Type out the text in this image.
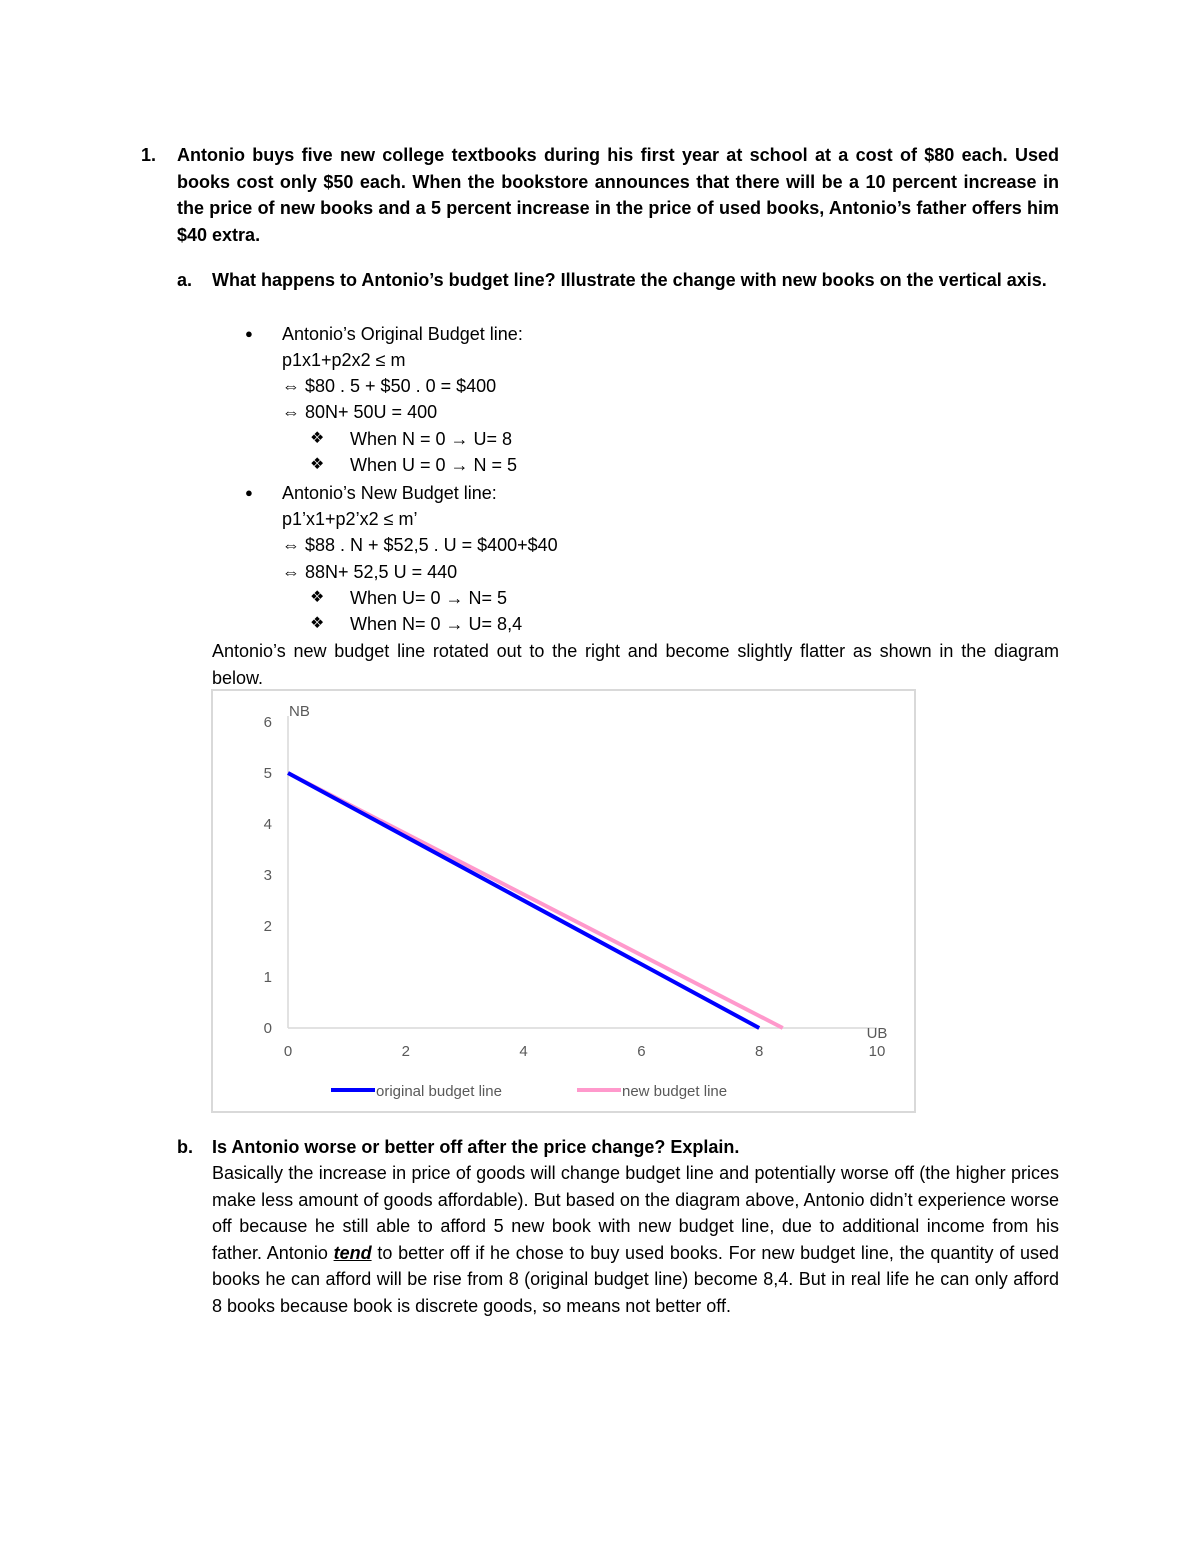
1. Antonio buys five new college textbooks during his first year at school at a cost of $80 each. Used books cost only $50 each. When the bookstore announces that there will be a 10 percent increase in the price of new books and a 5 percent increase in the price of used books, Antonio’s father offers him $40 extra.

a. What happens to Antonio’s budget line? Illustrate the change with new books on the vertical axis.

● Antonio’s Original Budget line:
p1x1+p2x2 ≤ m
⇔ $80 . 5 + $50 . 0 = $400
⇔ 80N+ 50U = 400
❖ When N = 0 → U= 8
❖ When U = 0 → N = 5
● Antonio’s New Budget line:
p1’x1+p2’x2 ≤ m’
⇔ $88 . N + $52,5 . U = $400+$40
⇔ 88N+ 52,5 U = 440
❖ When U= 0 → N= 5
❖ When N= 0 → U= 8,4

Antonio’s new budget line rotated out to the right and become slightly flatter as shown in the diagram below.

0
1
2
3
4
5
6
0	2	4	6	8	10
NB
UB
original budget line	new budget line
b. Is Antonio worse or better off after the price change? Explain.

Basically the increase in price of goods will change budget line and potentially worse off (the higher prices make less amount of goods affordable). But based on the diagram above, Antonio didn’t experience worse off because he still able to afford 5 new book with new budget line, due to additional income from his father. Antonio tend to better off if he chose to buy used books. For new budget line, the quantity of used books he can afford will be rise from 8 (original budget line) become 8,4. But in real life he can only afford 8 books because book is discrete goods, so means not better off.
